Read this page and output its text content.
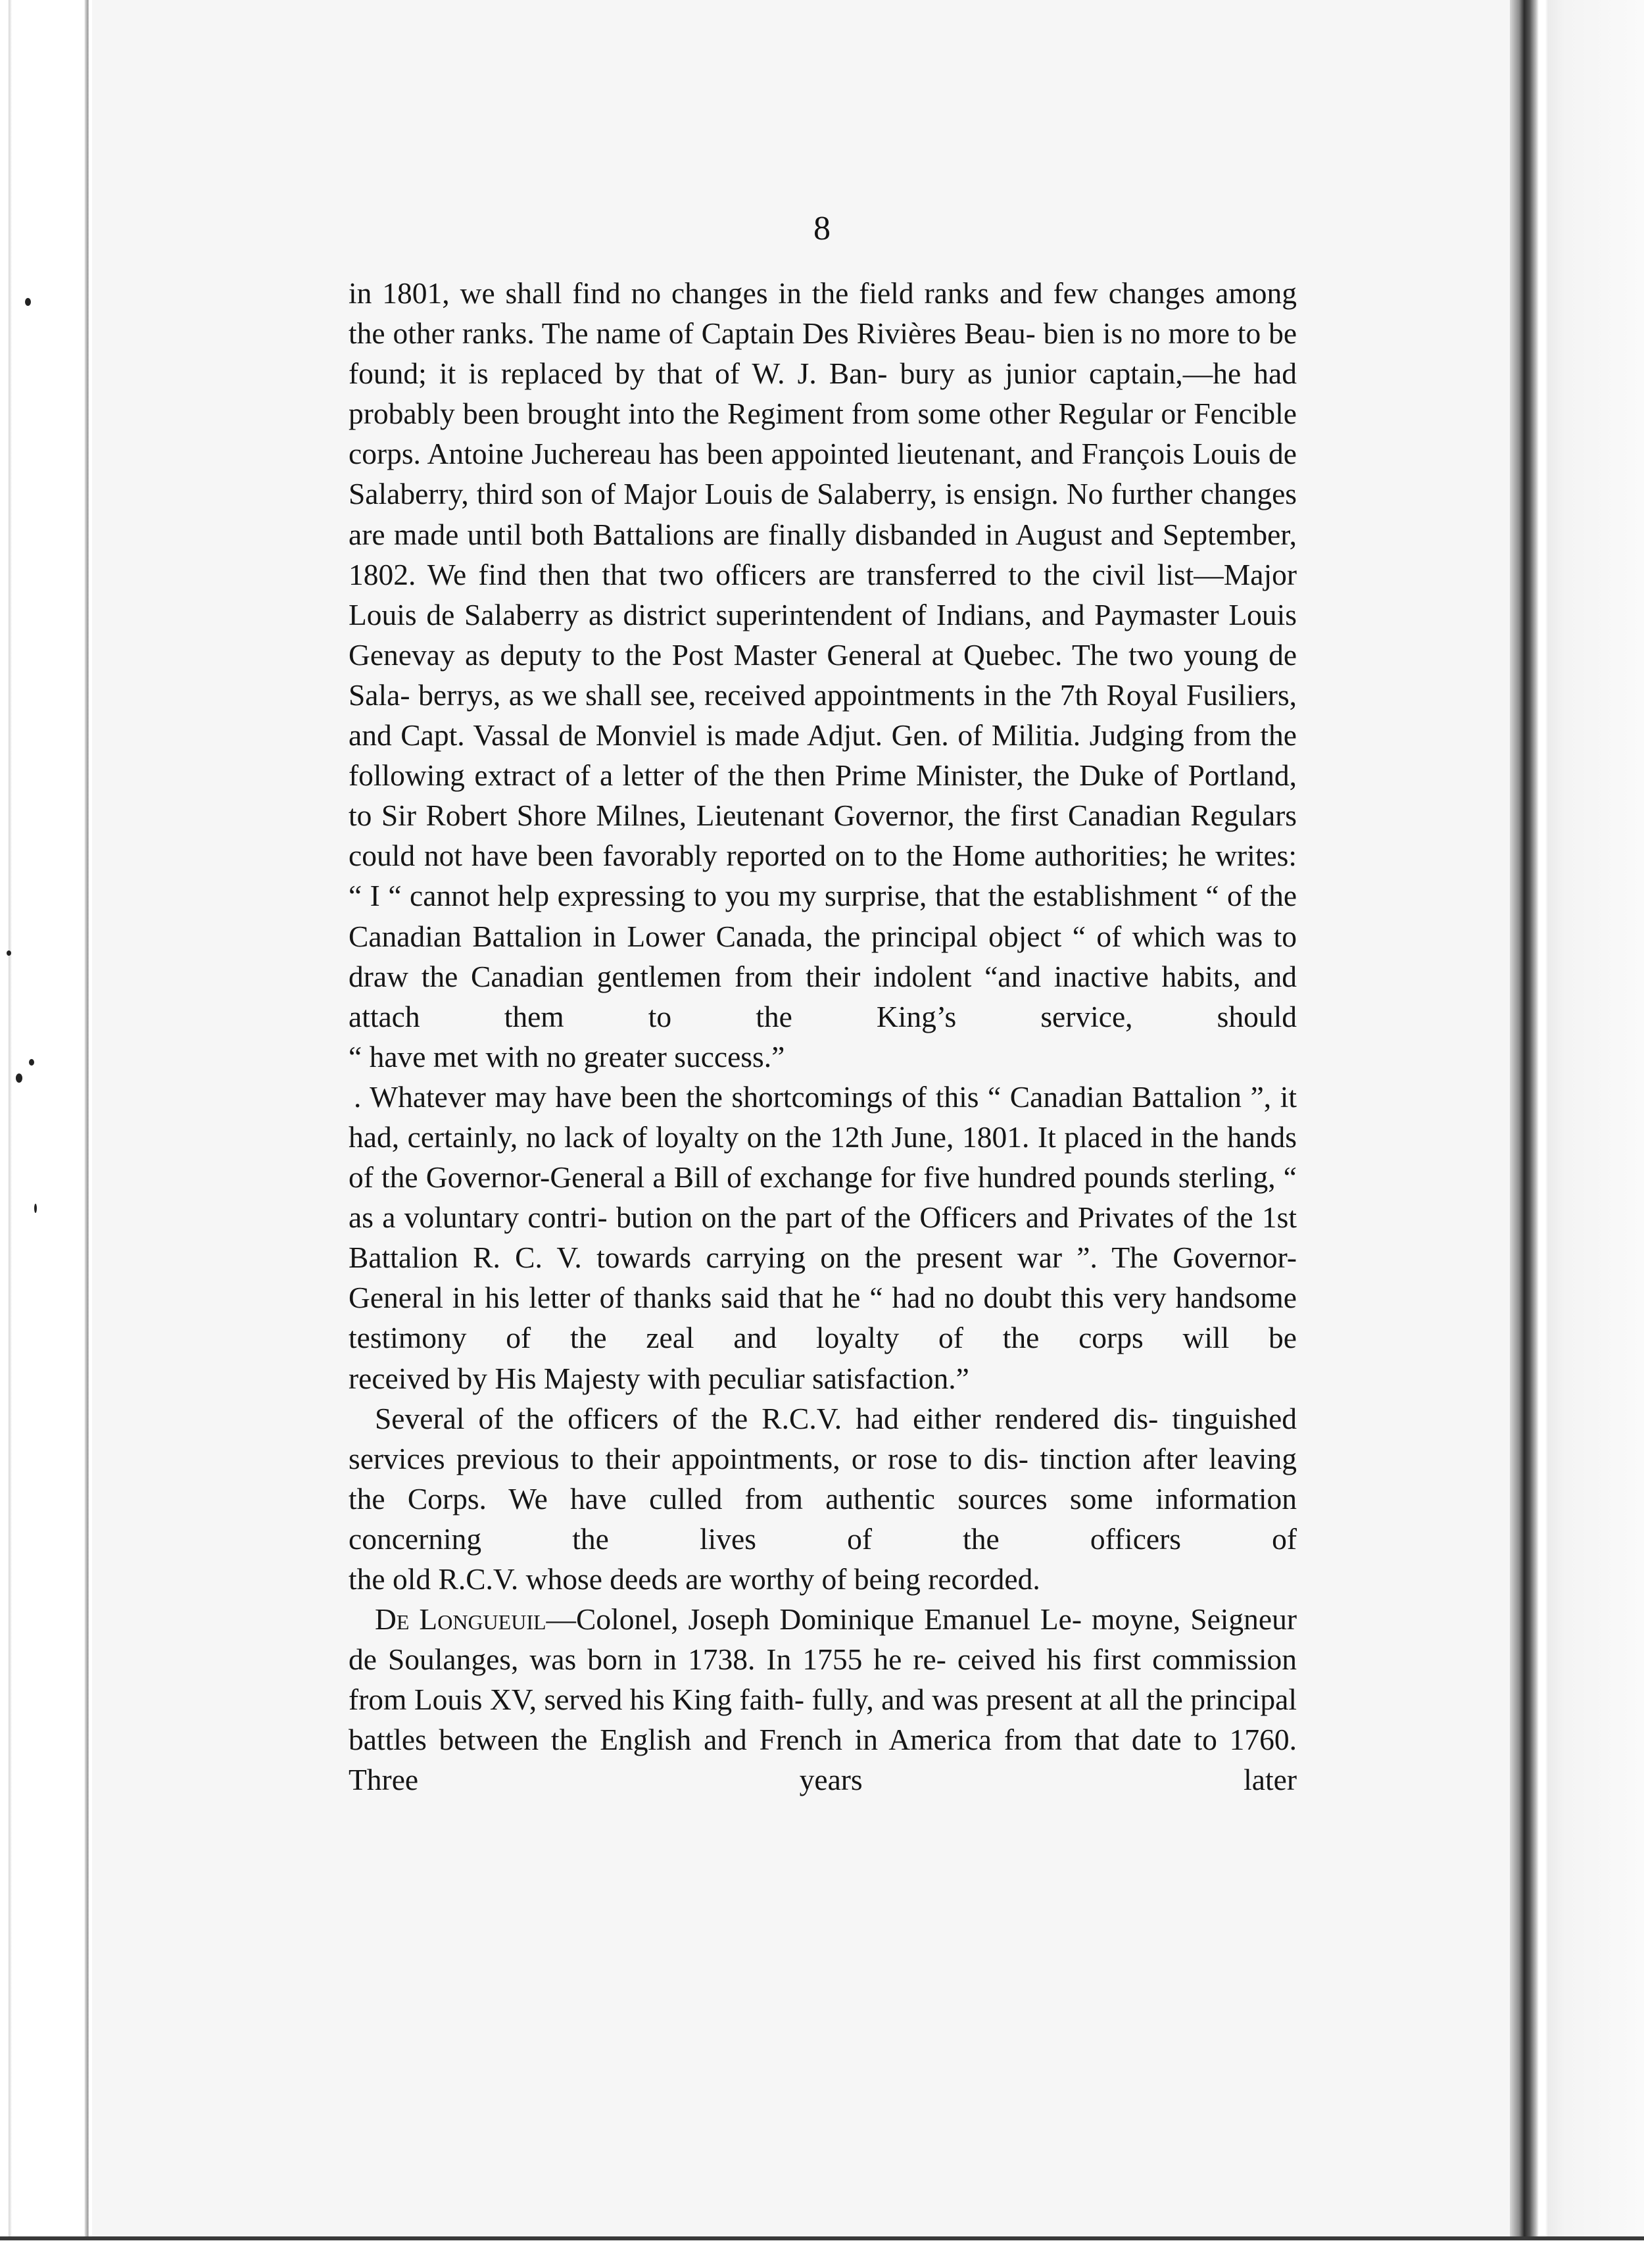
8

in 1801, we shall find no changes in the field ranks and few changes among the other ranks. The name of Captain Des Rivières Beau- bien is no more to be found; it is replaced by that of W. J. Ban- bury as junior captain,—he had probably been brought into the Regiment from some other Regular or Fencible corps. Antoine Juchereau has been appointed lieutenant, and François Louis de Salaberry, third son of Major Louis de Salaberry, is ensign. No further changes are made until both Battalions are finally disbanded in August and September, 1802. We find then that two officers are transferred to the civil list—Major Louis de Salaberry as district superintendent of Indians, and Paymaster Louis Genevay as deputy to the Post Master General at Quebec. The two young de Sala- berrys, as we shall see, received appointments in the 7th Royal Fusiliers, and Capt. Vassal de Monviel is made Adjut. Gen. of Militia. Judging from the following extract of a letter of the then Prime Minister, the Duke of Portland, to Sir Robert Shore Milnes, Lieutenant Governor, the first Canadian Regulars could not have been favorably reported on to the Home authorities; he writes: “ I “ cannot help expressing to you my surprise, that the establishment “ of the Canadian Battalion in Lower Canada, the principal object “ of which was to draw the Canadian gentlemen from their indolent “and inactive habits, and attach them to the King’s service, should

“ have met with no greater success.”

. Whatever may have been the shortcomings of this “ Canadian Battalion ”, it had, certainly, no lack of loyalty on the 12th June, 1801. It placed in the hands of the Governor-General a Bill of exchange for five hundred pounds sterling, “ as a voluntary contri- bution on the part of the Officers and Privates of the 1st Battalion R. C. V. towards carrying on the present war ”. The Governor- General in his letter of thanks said that he “ had no doubt this very handsome testimony of the zeal and loyalty of the corps will be

received by His Majesty with peculiar satisfaction.”

Several of the officers of the R.C.V. had either rendered dis- tinguished services previous to their appointments, or rose to dis- tinction after leaving the Corps. We have culled from authentic sources some information concerning the lives of the officers of

the old R.C.V. whose deeds are worthy of being recorded.

De Longueuil—Colonel, Joseph Dominique Emanuel Le- moyne, Seigneur de Soulanges, was born in 1738. In 1755 he re- ceived his first commission from Louis XV, served his King faith- fully, and was present at all the principal battles between the English and French in America from that date to 1760. Three years later
